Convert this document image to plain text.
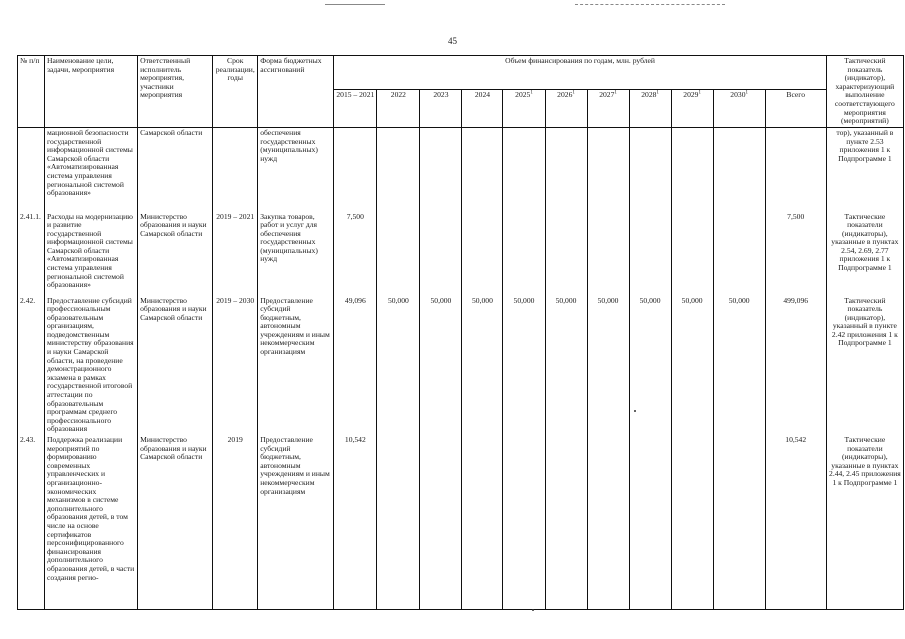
45
№ п/п	Наименование цели, задачи, мероприятия	Ответственный исполнитель мероприятия, участники мероприятия	Срок реализации, годы	Форма бюджетных ассигнований	Объем финансирования по годам, млн. рублей											Тактический показатель (индикатор), характеризующий выполнение соответствующего мероприятия (мероприятий)
					2015 – 2021	2022	2023	2024	2025$^1$	2026$^1$	2027$^1$	2028$^1$	2029$^1$	2030$^1$	Всего	
	мационной безопасности государственной информационной системы Самарской области «Автоматизированная система управления региональной системой образования»	Самарской области		обеспечения государственных (муниципальных) нужд												тор), указанный в пункте 2.53 приложения 1 к Подпрограмме 1
2.41.1.	Расходы на модернизацию и развитие государственной информационной системы Самарской области «Автоматизированная система управления региональной системой образования»	Министерство образования и науки Самарской области	2019 – 2021	Закупка товаров, работ и услуг для обеспечения государственных (муниципальных) нужд	7,500										7,500	Тактические показатели (индикаторы), указанные в пунктах 2.54, 2.69, 2.77 приложения 1 к Подпрограмме 1
2.42.	Предоставление субсидий профессиональным образовательным организациям, подведомственным министерству образования и науки Самарской области, на проведение демонстрационного экзамена в рамках государственной итоговой аттестации по образовательным программам среднего профессионального образования	Министерство образования и науки Самарской области	2019 – 2030	Предоставление субсидий бюджетным, автономным учреждениям и иным некоммерческим организациям	49,096	50,000	50,000	50,000	50,000	50,000	50,000	50,000	50,000	50,000	499,096	Тактический показатель (индикатор), указанный в пункте 2.42 приложения 1 к Подпрограмме 1
2.43.	Поддержка реализации мероприятий по формированию современных управленческих и организационно-экономических механизмов в системе дополнительного образования детей, в том числе на основе сертификатов персонифицированного финансирования дополнительного образования детей, в части создания регио-	Министерство образования и науки Самарской области	2019	Предоставление субсидий бюджетным, автономным учреждениям и иным некоммерческим организациям	10,542										10,542	Тактические показатели (индикаторы), указанные в пунктах 2.44, 2.45 приложения 1 к Подпрограмме 1
